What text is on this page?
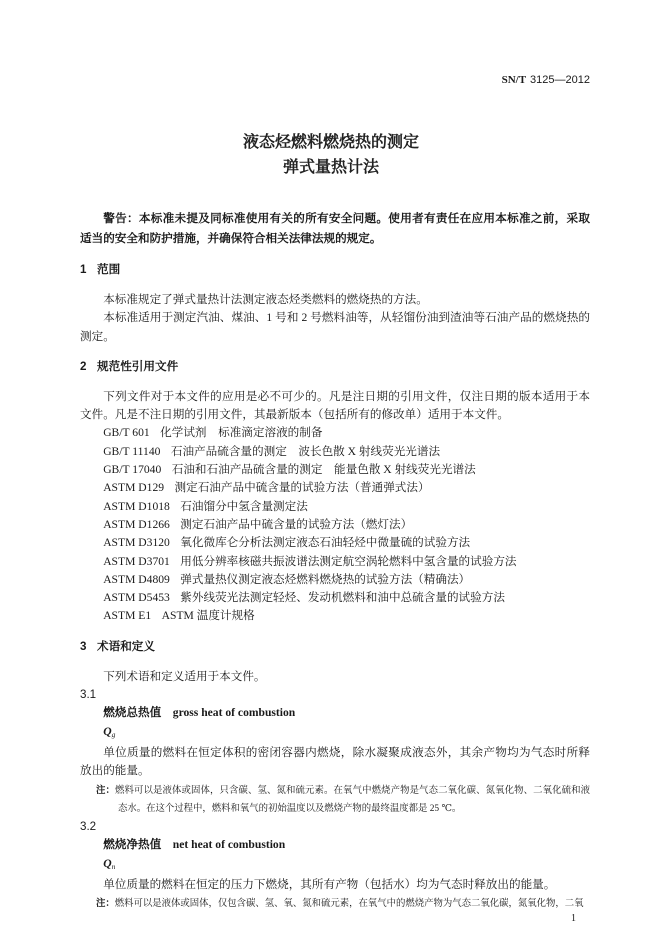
SN/T 3125—2012
液态烃燃料燃烧热的测定
弹式量热计法

警告：本标准未提及同标准使用有关的所有安全问题。使用者有责任在应用本标准之前，采取适当的安全和防护措施，并确保符合相关法律法规的规定。

1 范围

本标准规定了弹式量热计法测定液态烃类燃料的燃烧热的方法。

本标准适用于测定汽油、煤油、1 号和 2 号燃料油等，从轻馏份油到渣油等石油产品的燃烧热的测定。

2 规范性引用文件

下列文件对于本文件的应用是必不可少的。凡是注日期的引用文件，仅注日期的版本适用于本文件。凡是不注日期的引用文件，其最新版本（包括所有的修改单）适用于本文件。

GB/T 601 化学试剂　标准滴定溶液的制备
GB/T 11140 石油产品硫含量的测定　波长色散 X 射线荧光光谱法
GB/T 17040 石油和石油产品硫含量的测定　能量色散 X 射线荧光光谱法
ASTM D129 测定石油产品中硫含量的试验方法（普通弹式法）
ASTM D1018 石油馏分中氢含量测定法
ASTM D1266 测定石油产品中硫含量的试验方法（燃灯法）
ASTM D3120 氧化微库仑分析法测定液态石油轻烃中微量硫的试验方法
ASTM D3701 用低分辨率核磁共振波谱法测定航空涡轮燃料中氢含量的试验方法
ASTM D4809 弹式量热仪测定液态烃燃料燃烧热的试验方法（精确法）
ASTM D5453 紫外线荧光法测定轻烃、发动机燃料和油中总硫含量的试验方法
ASTM E1 ASTM 温度计规格
3 术语和定义

下列术语和定义适用于本文件。

3.1
燃烧总热值 gross heat of combustion
$Q_g$

单位质量的燃料在恒定体积的密闭容器内燃烧，除水凝聚成液态外，其余产物均为气态时所释放出的能量。

注：燃料可以是液体或固体，只含碳、氢、氮和硫元素。在氧气中燃烧产物是气态二氧化碳、氮氧化物、二氧化硫和液态水。在这个过程中，燃料和氧气的初始温度以及燃烧产物的最终温度都是 25 ℃。
3.2
燃烧净热值 net heat of combustion
$Q_n$

单位质量的燃料在恒定的压力下燃烧，其所有产物（包括水）均为气态时释放出的能量。

注：燃料可以是液体或固体，仅包含碳、氢、氧、氮和硫元素，在氧气中的燃烧产物为气态二氧化碳，氮氧化物，二氧
1
